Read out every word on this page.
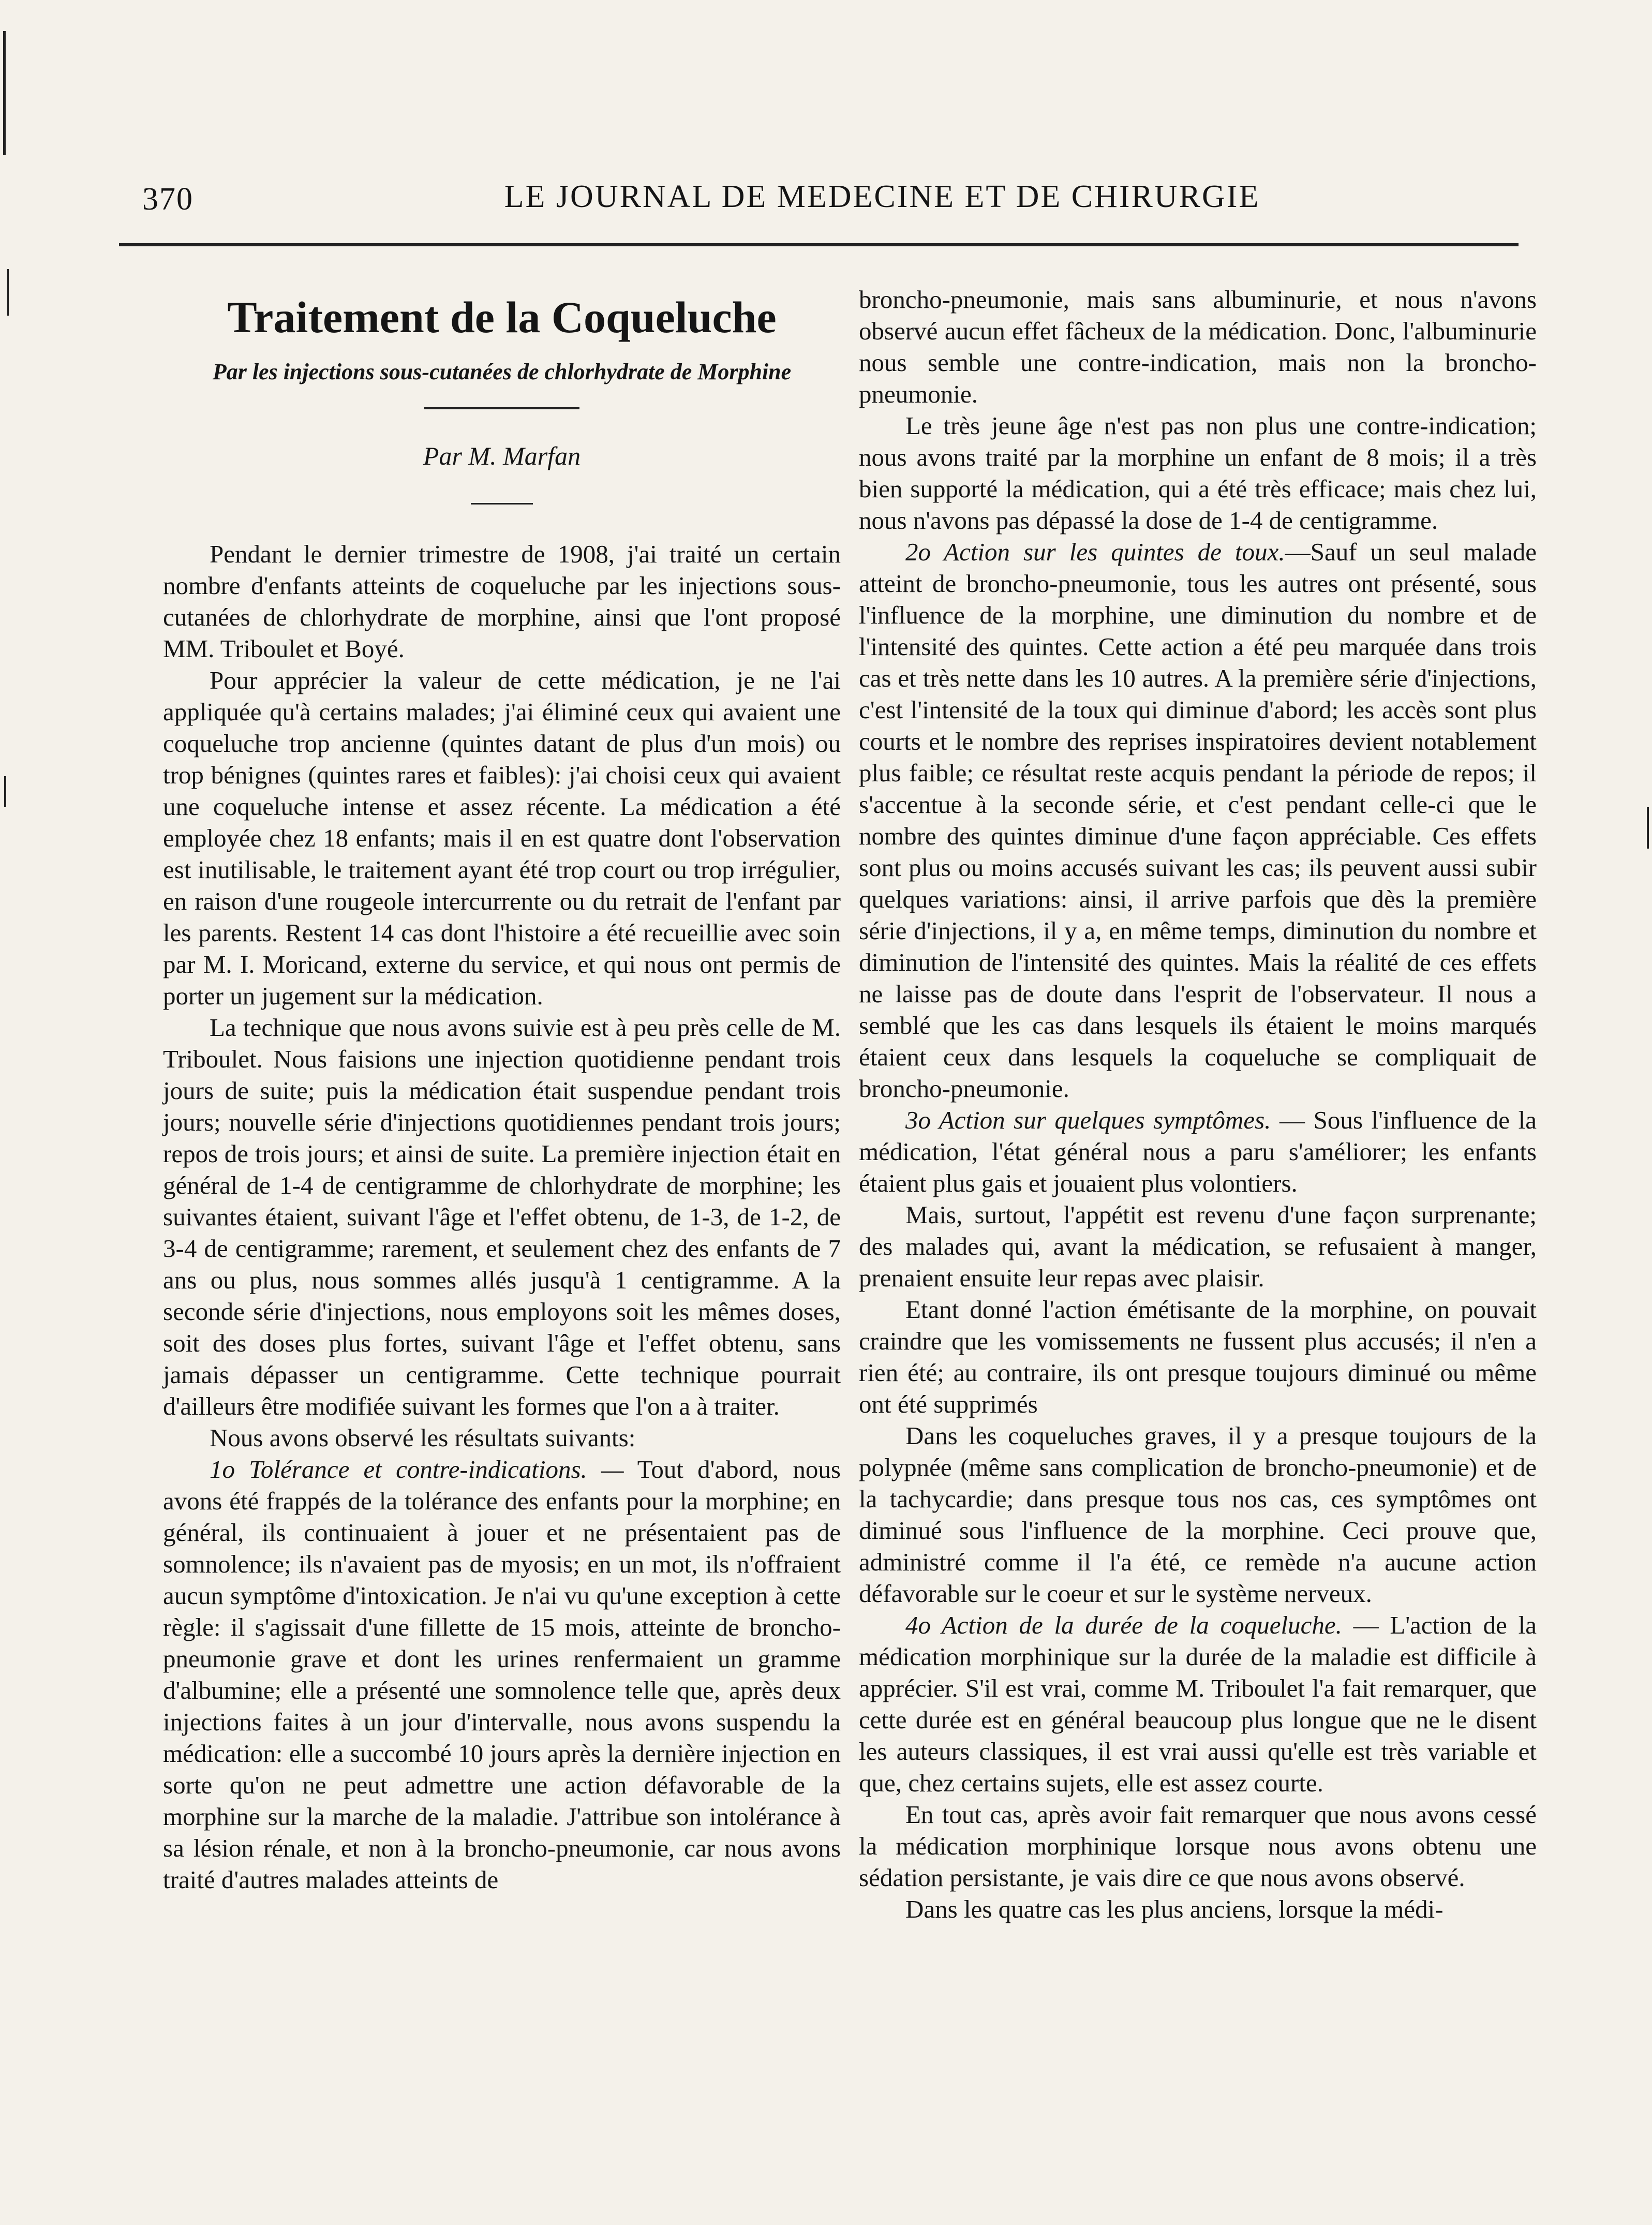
370	LE JOURNAL DE MEDECINE ET DE CHIRURGIE
Traitement de la Coqueluche
Par les injections sous-cutanées de chlorhydrate de Morphine
Par M. Marfan

Pendant le dernier trimestre de 1908, j'ai traité un certain nombre d'enfants atteints de coqueluche par les injections sous-cutanées de chlorhydrate de morphine, ainsi que l'ont proposé MM. Triboulet et Boyé.

Pour apprécier la valeur de cette médication, je ne l'ai appliquée qu'à certains malades; j'ai éliminé ceux qui avaient une coqueluche trop ancienne (quintes datant de plus d'un mois) ou trop bénignes (quintes rares et faibles): j'ai choisi ceux qui avaient une coqueluche intense et assez récente. La médication a été employée chez 18 enfants; mais il en est quatre dont l'observation est inutilisable, le traitement ayant été trop court ou trop irrégulier, en raison d'une rougeole intercurrente ou du retrait de l'enfant par les parents. Restent 14 cas dont l'histoire a été recueillie avec soin par M. I. Moricand, externe du service, et qui nous ont permis de porter un jugement sur la médication.

La technique que nous avons suivie est à peu près celle de M. Triboulet. Nous faisions une injection quotidienne pendant trois jours de suite; puis la médication était suspendue pendant trois jours; nouvelle série d'injections quotidiennes pendant trois jours; repos de trois jours; et ainsi de suite. La première injection était en général de 1-4 de centigramme de chlorhydrate de morphine; les suivantes étaient, suivant l'âge et l'effet obtenu, de 1-3, de 1-2, de 3-4 de centigramme; rarement, et seulement chez des enfants de 7 ans ou plus, nous sommes allés jusqu'à 1 centigramme. A la seconde série d'injections, nous employons soit les mêmes doses, soit des doses plus fortes, suivant l'âge et l'effet obtenu, sans jamais dépasser un centigramme. Cette technique pourrait d'ailleurs être modifiée suivant les formes que l'on a à traiter.

Nous avons observé les résultats suivants:

1o Tolérance et contre-indications. — Tout d'abord, nous avons été frappés de la tolérance des enfants pour la morphine; en général, ils continuaient à jouer et ne présentaient pas de somnolence; ils n'avaient pas de myosis; en un mot, ils n'offraient aucun symptôme d'intoxication. Je n'ai vu qu'une exception à cette règle: il s'agissait d'une fillette de 15 mois, atteinte de broncho-pneumonie grave et dont les urines renfermaient un gramme d'albumine; elle a présenté une somnolence telle que, après deux injections faites à un jour d'intervalle, nous avons suspendu la médication: elle a succombé 10 jours après la dernière injection en sorte qu'on ne peut admettre une action défavorable de la morphine sur la marche de la maladie. J'attribue son intolérance à sa lésion rénale, et non à la broncho-pneumonie, car nous avons traité d'autres malades atteints de

broncho-pneumonie, mais sans albuminurie, et nous n'avons observé aucun effet fâcheux de la médication. Donc, l'albuminurie nous semble une contre-indication, mais non la broncho-pneumonie.

Le très jeune âge n'est pas non plus une contre-indication; nous avons traité par la morphine un enfant de 8 mois; il a très bien supporté la médication, qui a été très efficace; mais chez lui, nous n'avons pas dépassé la dose de 1-4 de centigramme.

2o Action sur les quintes de toux.—Sauf un seul malade atteint de broncho-pneumonie, tous les autres ont présenté, sous l'influence de la morphine, une diminution du nombre et de l'intensité des quintes. Cette action a été peu marquée dans trois cas et très nette dans les 10 autres. A la première série d'injections, c'est l'intensité de la toux qui diminue d'abord; les accès sont plus courts et le nombre des reprises inspiratoires devient notablement plus faible; ce résultat reste acquis pendant la période de repos; il s'accentue à la seconde série, et c'est pendant celle-ci que le nombre des quintes diminue d'une façon appréciable. Ces effets sont plus ou moins accusés suivant les cas; ils peuvent aussi subir quelques variations: ainsi, il arrive parfois que dès la première série d'injections, il y a, en même temps, diminution du nombre et diminution de l'intensité des quintes. Mais la réalité de ces effets ne laisse pas de doute dans l'esprit de l'observateur. Il nous a semblé que les cas dans lesquels ils étaient le moins marqués étaient ceux dans lesquels la coqueluche se compliquait de broncho-pneumonie.

3o Action sur quelques symptômes. — Sous l'influence de la médication, l'état général nous a paru s'améliorer; les enfants étaient plus gais et jouaient plus volontiers.

Mais, surtout, l'appétit est revenu d'une façon surprenante; des malades qui, avant la médication, se refusaient à manger, prenaient ensuite leur repas avec plaisir.

Etant donné l'action émétisante de la morphine, on pouvait craindre que les vomissements ne fussent plus accusés; il n'en a rien été; au contraire, ils ont presque toujours diminué ou même ont été supprimés

Dans les coqueluches graves, il y a presque toujours de la polypnée (même sans complication de broncho-pneumonie) et de la tachycardie; dans presque tous nos cas, ces symptômes ont diminué sous l'influence de la morphine. Ceci prouve que, administré comme il l'a été, ce remède n'a aucune action défavorable sur le coeur et sur le système nerveux.

4o Action de la durée de la coqueluche. — L'action de la médication morphinique sur la durée de la maladie est difficile à apprécier. S'il est vrai, comme M. Triboulet l'a fait remarquer, que cette durée est en général beaucoup plus longue que ne le disent les auteurs classiques, il est vrai aussi qu'elle est très variable et que, chez certains sujets, elle est assez courte.

En tout cas, après avoir fait remarquer que nous avons cessé la médication morphinique lorsque nous avons obtenu une sédation persistante, je vais dire ce que nous avons observé.

Dans les quatre cas les plus anciens, lorsque la médi-
